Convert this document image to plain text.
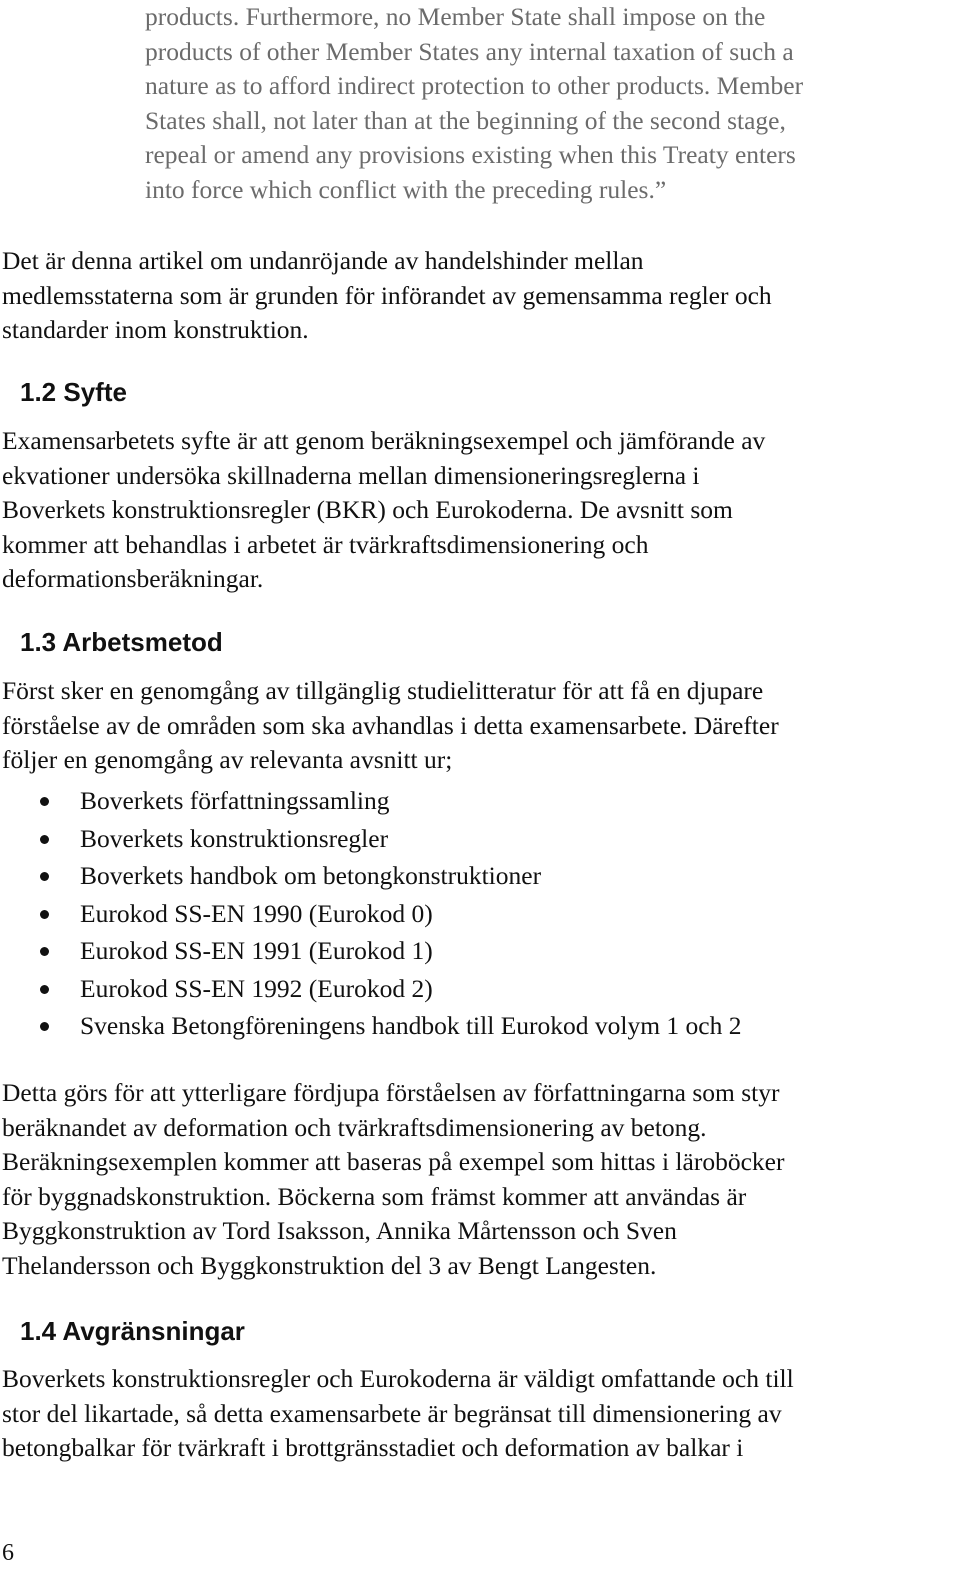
products. Furthermore, no Member State shall impose on the
products of other Member States any internal taxation of such a
nature as to afford indirect protection to other products. Member
States shall, not later than at the beginning of the second stage,
repeal or amend any provisions existing when this Treaty enters
into force which conflict with the preceding rules.”
Det är denna artikel om undanröjande av handelshinder mellan
medlemsstaterna som är grunden för införandet av gemensamma regler och
standarder inom konstruktion.
1.2 Syfte
Examensarbetets syfte är att genom beräkningsexempel och jämförande av
ekvationer undersöka skillnaderna mellan dimensioneringsreglerna i
Boverkets konstruktionsregler (BKR) och Eurokoderna. De avsnitt som
kommer att behandlas i arbetet är tvärkraftsdimensionering och
deformationsberäkningar.
1.3 Arbetsmetod
Först sker en genomgång av tillgänglig studielitteratur för att få en djupare
förståelse av de områden som ska avhandlas i detta examensarbete. Därefter
följer en genomgång av relevanta avsnitt ur;
Boverkets författningssamling
Boverkets konstruktionsregler
Boverkets handbok om betongkonstruktioner
Eurokod SS-EN 1990 (Eurokod 0)
Eurokod SS-EN 1991 (Eurokod 1)
Eurokod SS-EN 1992 (Eurokod 2)
Svenska Betongföreningens handbok till Eurokod volym 1 och 2
Detta görs för att ytterligare fördjupa förståelsen av författningarna som styr
beräknandet av deformation och tvärkraftsdimensionering av betong.
Beräkningsexemplen kommer att baseras på exempel som hittas i läroböcker
för byggnadskonstruktion. Böckerna som främst kommer att användas är
Byggkonstruktion av Tord Isaksson, Annika Mårtensson och Sven
Thelandersson och Byggkonstruktion del 3 av Bengt Langesten.
1.4 Avgränsningar
Boverkets konstruktionsregler och Eurokoderna är väldigt omfattande och till
stor del likartade, så detta examensarbete är begränsat till dimensionering av
betongbalkar för tvärkraft i brottgränsstadiet och deformation av balkar i
6
